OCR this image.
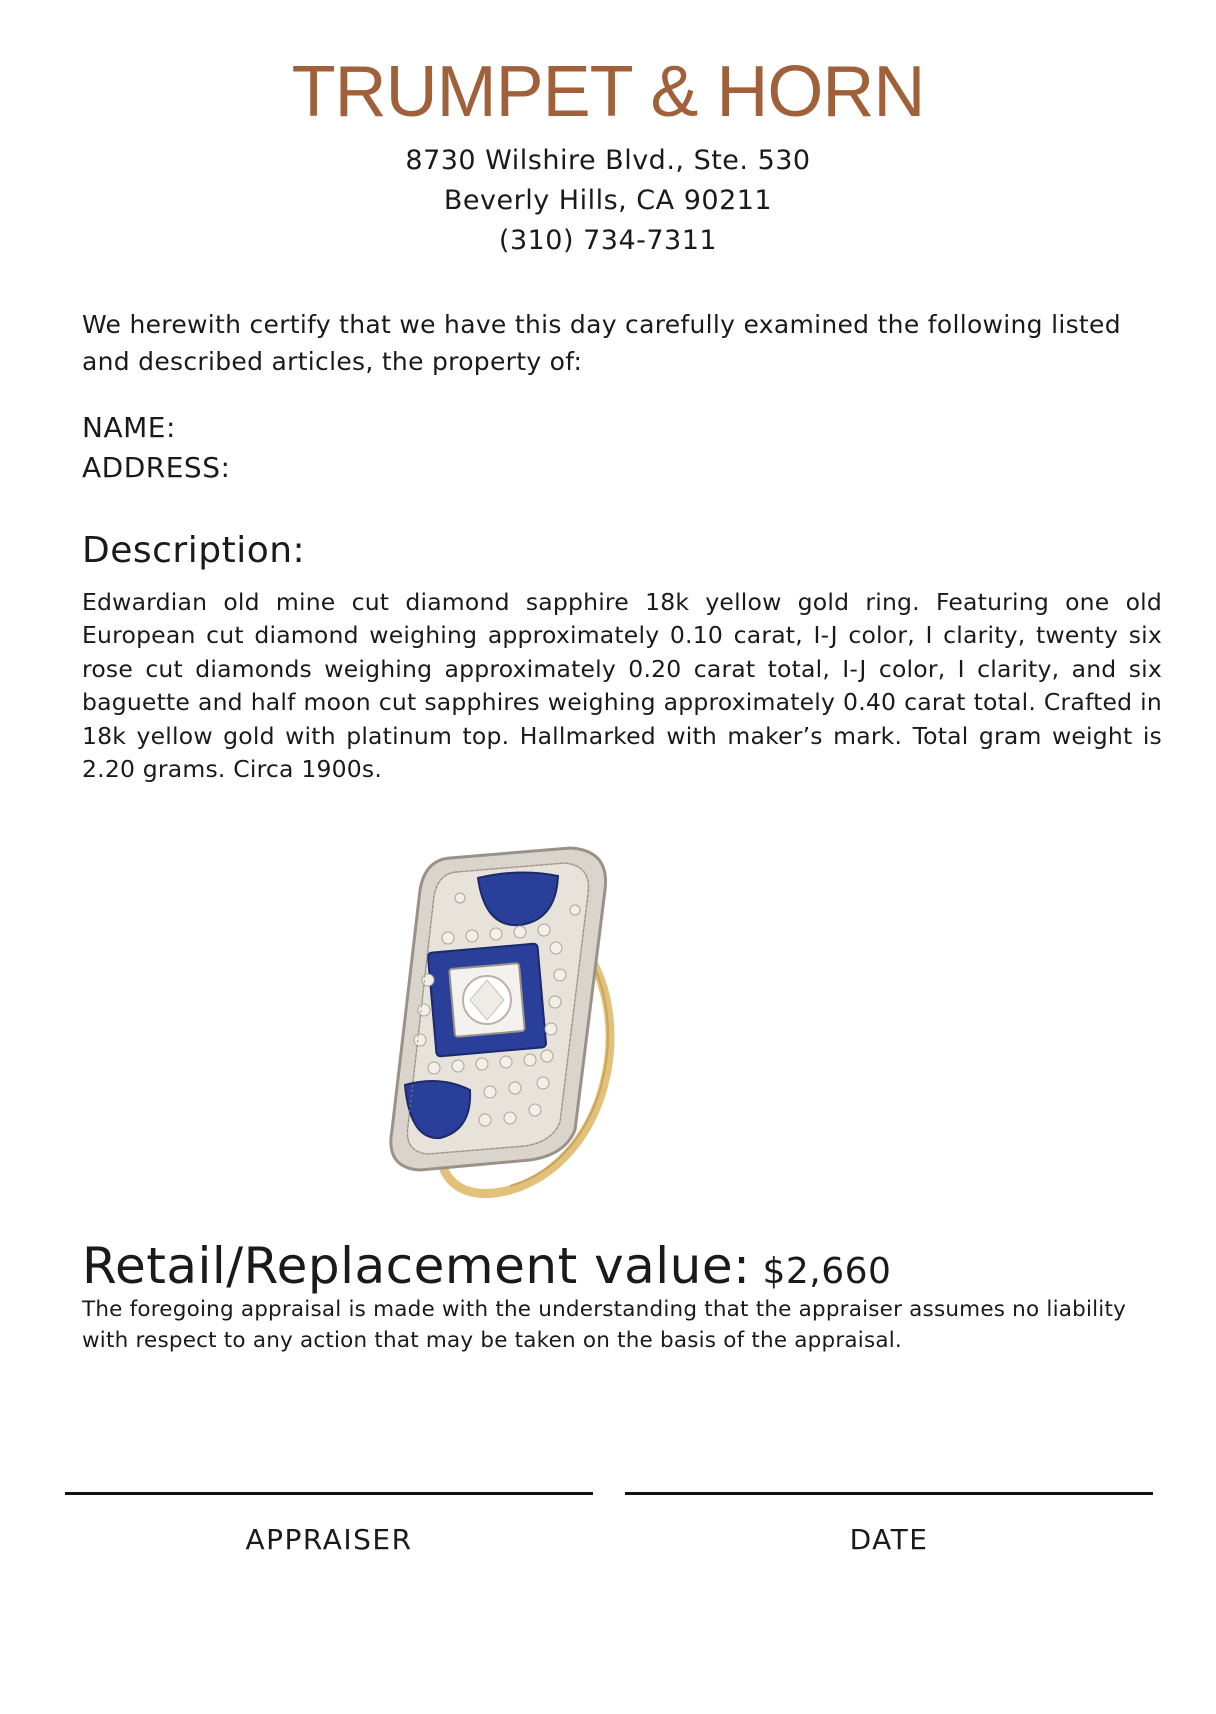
TRUMPET & HORN
8730 Wilshire Blvd., Ste. 530
Beverly Hills, CA 90211
(310) 734-7311
We herewith certify that we have this day carefully examined the following listed and described articles, the property of:
NAME:
ADDRESS:
Description:
Edwardian old mine cut diamond sapphire 18k yellow gold ring. Featuring one old European cut diamond weighing approximately 0.10 carat, I-J color, I clarity, twenty six rose cut diamonds weighing approximately 0.20 carat total, I-J color, I clarity, and six baguette and half moon cut sapphires weighing approximately 0.40 carat total. Crafted in 18k yellow gold with platinum top. Hallmarked with maker’s mark. Total gram weight is 2.20 grams. Circa 1900s.
Retail/Replacement value: $2,660
The foregoing appraisal is made with the understanding that the appraiser assumes no liability with respect to any action that may be taken on the basis of the appraisal.
APPRAISER	DATE
